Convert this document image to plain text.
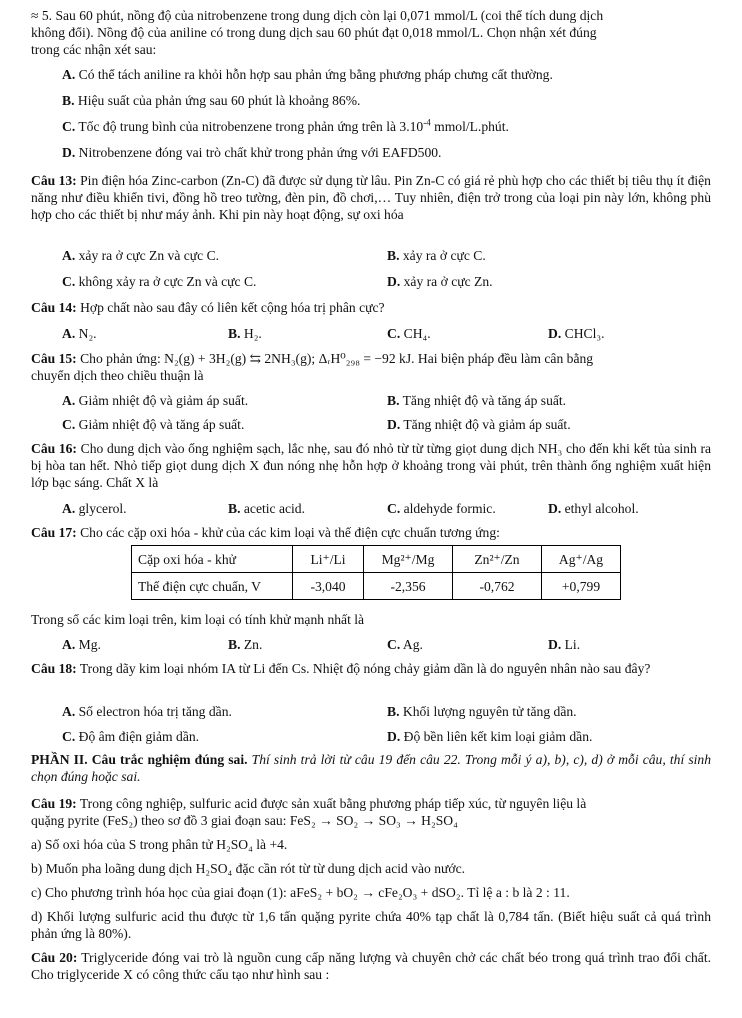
≈ 5. Sau 60 phút, nồng độ của nitrobenzene trong dung dịch còn lại 0,071 mmol/L (coi thể tích dung dịch
không đổi). Nồng độ của aniline có trong dung dịch sau 60 phút đạt 0,018 mmol/L. Chọn nhận xét đúng
trong các nhận xét sau:
A. Có thể tách aniline ra khỏi hỗn hợp sau phản ứng bằng phương pháp chưng cất thường.
B. Hiệu suất của phản ứng sau 60 phút là khoảng 86%.
C. Tốc độ trung bình của nitrobenzene trong phản ứng trên là $3.10^{-4}$ mmol/L.phút.
D. Nitrobenzene đóng vai trò chất khử trong phản ứng với EAFD500.
Câu 13: Pin điện hóa Zinc-carbon (Zn-C) đã được sử dụng từ lâu. Pin Zn-C có giá rẻ phù hợp cho các thiết bị tiêu thụ ít điện năng như điều khiển tivi, đồng hồ treo tường, đèn pin, đồ chơi,… Tuy nhiên, điện trở trong của loại pin này lớn, không phù hợp cho các thiết bị như máy ảnh. Khi pin này hoạt động, sự oxi hóa
A. xảy ra ở cực Zn và cực C.	B. xảy ra ở cực C.
C. không xảy ra ở cực Zn và cực C.	D. xảy ra ở cực Zn.
Câu 14: Hợp chất nào sau đây có liên kết cộng hóa trị phân cực?
A. N₂.	B. H₂.	C. CH₄.	D. CHCl₃.
Câu 15: Cho phản ứng: N₂(g) + 3H₂(g) ⇆ 2NH₃(g); ΔᵣH⁰₂₉₈ = −92 kJ. Hai biện pháp đều làm cân bằng
chuyển dịch theo chiều thuận là
A. Giảm nhiệt độ và giảm áp suất.	B. Tăng nhiệt độ và tăng áp suất.
C. Giảm nhiệt độ và tăng áp suất.	D. Tăng nhiệt độ và giảm áp suất.
Câu 16: Cho dung dịch vào ống nghiệm sạch, lắc nhẹ, sau đó nhỏ từ từ từng giọt dung dịch NH₃ cho đến khi kết tủa sinh ra bị hòa tan hết. Nhỏ tiếp giọt dung dịch X đun nóng nhẹ hỗn hợp ở khoảng trong vài phút, trên thành ống nghiệm xuất hiện lớp bạc sáng. Chất X là
A. glycerol.	B. acetic acid.	C. aldehyde formic.	D. ethyl alcohol.
Câu 17: Cho các cặp oxi hóa - khử của các kim loại và thế điện cực chuẩn tương ứng:
Cặp oxi hóa - khử	Li⁺/Li	Mg²⁺/Mg	Zn²⁺/Zn	Ag⁺/Ag
Thế điện cực chuẩn, V	-3,040	-2,356	-0,762	+0,799
Trong số các kim loại trên, kim loại có tính khử mạnh nhất là
A. Mg.	B. Zn.	C. Ag.	D. Li.
Câu 18: Trong dãy kim loại nhóm IA từ Li đến Cs. Nhiệt độ nóng chảy giảm dần là do nguyên nhân nào sau đây?
A. Số electron hóa trị tăng dần.	B. Khối lượng nguyên tử tăng dần.
C. Độ âm điện giảm dần.	D. Độ bền liên kết kim loại giảm dần.
PHẦN II. Câu trắc nghiệm đúng sai. Thí sinh trả lời từ câu 19 đến câu 22. Trong mỗi ý a), b), c), d) ở mỗi câu, thí sinh chọn đúng hoặc sai.
Câu 19: Trong công nghiệp, sulfuric acid được sản xuất bằng phương pháp tiếp xúc, từ nguyên liệu là
quặng pyrite (FeS₂) theo sơ đồ 3 giai đoạn sau: FeS₂ → SO₂ → SO₃ → H₂SO₄
a) Số oxi hóa của S trong phân tử H₂SO₄ là +4.
b) Muốn pha loãng dung dịch H₂SO₄ đặc cần rót từ từ dung dịch acid vào nước.
c) Cho phương trình hóa học của giai đoạn (1): aFeS₂ + bO₂ → cFe₂O₃ + dSO₂. Tỉ lệ a : b là 2 : 11.
d) Khối lượng sulfuric acid thu được từ 1,6 tấn quặng pyrite chứa 40% tạp chất là 0,784 tấn. (Biết hiệu suất cả quá trình phản ứng là 80%).
Câu 20: Triglyceride đóng vai trò là nguồn cung cấp năng lượng và chuyên chở các chất béo trong quá trình trao đổi chất. Cho triglyceride X có công thức cấu tạo như hình sau :
